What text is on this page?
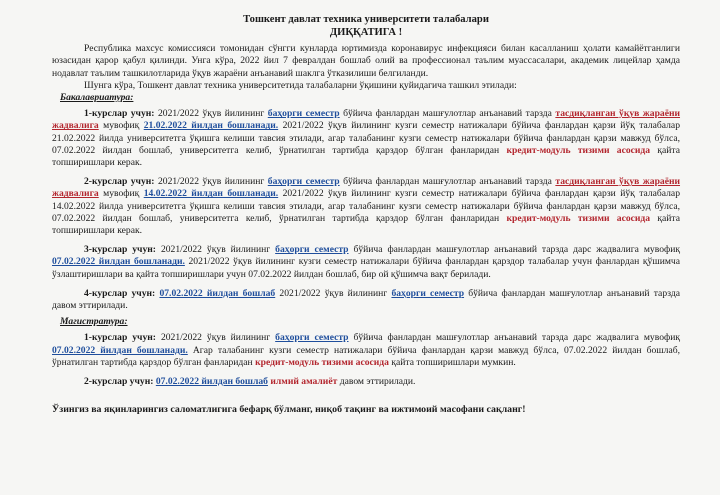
Тошкент давлат техника университети талабалари
ДИҚҚАТИГА !

Республика махсус комиссияси томонидан сўнгги кунларда юртимизда коронавирус инфекцияси билан касалланиш ҳолати камайётганлиги юзасидан қарор қабул қилинди. Унга кўра, 2022 йил 7 февралдан бошлаб олий ва профессионал таълим муассасалари, академик лицейлар ҳамда нодавлат таълим ташкилотларида ўқув жараёни анъанавий шаклга ўтказилиши белгиланди.

Шунга кўра, Тошкент давлат техника университетида талабаларни ўқишини қуйидагича ташкил этилади:

Бакалавриатура:

1-курслар учун: 2021/2022 ўқув йилининг баҳорги семестр бўйича фанлардан машғулотлар анъанавий тарзда тасдиқланган ўқув жараёни жадвалига мувофиқ 21.02.2022 йилдан бошланади. 2021/2022 ўқув йилининг кузги семестр натижалари бўйича фанлардан қарзи йўқ талабалар 21.02.2022 йилда университетга ўқишга келиши тавсия этилади, агар талабанинг кузги семестр натижалари бўйича фанлардан қарзи мавжуд бўлса, 07.02.2022 йилдан бошлаб, университетга келиб, ўрнатилган тартибда қарздор бўлган фанларидан кредит-модуль тизими асосида қайта топширишлари керак.

2-курслар учун: 2021/2022 ўқув йилининг баҳорги семестр бўйича фанлардан машғулотлар анъанавий тарзда тасдиқланган ўқув жараёни жадвалига мувофиқ 14.02.2022 йилдан бошланади. 2021/2022 ўқув йилининг кузги семестр натижалари бўйича фанлардан қарзи йўқ талабалар 14.02.2022 йилда университетга ўқишга келиши тавсия этилади, агар талабанинг кузги семестр натижалари бўйича фанлардан қарзи мавжуд бўлса, 07.02.2022 йилдан бошлаб, университетга келиб, ўрнатилган тартибда қарздор бўлган фанларидан кредит-модуль тизими асосида қайта топширишлари керак.

3-курслар учун: 2021/2022 ўқув йилининг баҳорги семестр бўйича фанлардан машғулотлар анъанавий тарзда дарс жадвалига мувофиқ 07.02.2022 йилдан бошланади. 2021/2022 ўқув йилининг кузги семестр натижалари бўйича фанлардан қарздор талабалар учун фанлардан қўшимча ўзлаштиришлари ва қайта топширишлари учун 07.02.2022 йилдан бошлаб, бир ой қўшимча вақт берилади.

4-курслар учун: 07.02.2022 йилдан бошлаб 2021/2022 ўқув йилининг баҳорги семестр бўйича фанлардан машғулотлар анъанавий тарзда давом эттирилади.

Магистратура:

1-курслар учун: 2021/2022 ўқув йилининг баҳорги семестр бўйича фанлардан машғулотлар анъанавий тарзда дарс жадвалига мувофиқ 07.02.2022 йилдан бошланади. Агар талабанинг кузги семестр натижалари бўйича фанлардан қарзи мавжуд бўлса, 07.02.2022 йилдан бошлаб, ўрнатилган тартибда қарздор бўлган фанларидан кредит-модуль тизими асосида қайта топширишлари мумкин.

2-курслар учун: 07.02.2022 йилдан бошлаб илмий амалиёт давом эттирилади.

Ўзингиз ва яқинларингиз саломатлигига бефарқ бўлманг, ниқоб тақинг ва ижтимоий масофани сақланг!
